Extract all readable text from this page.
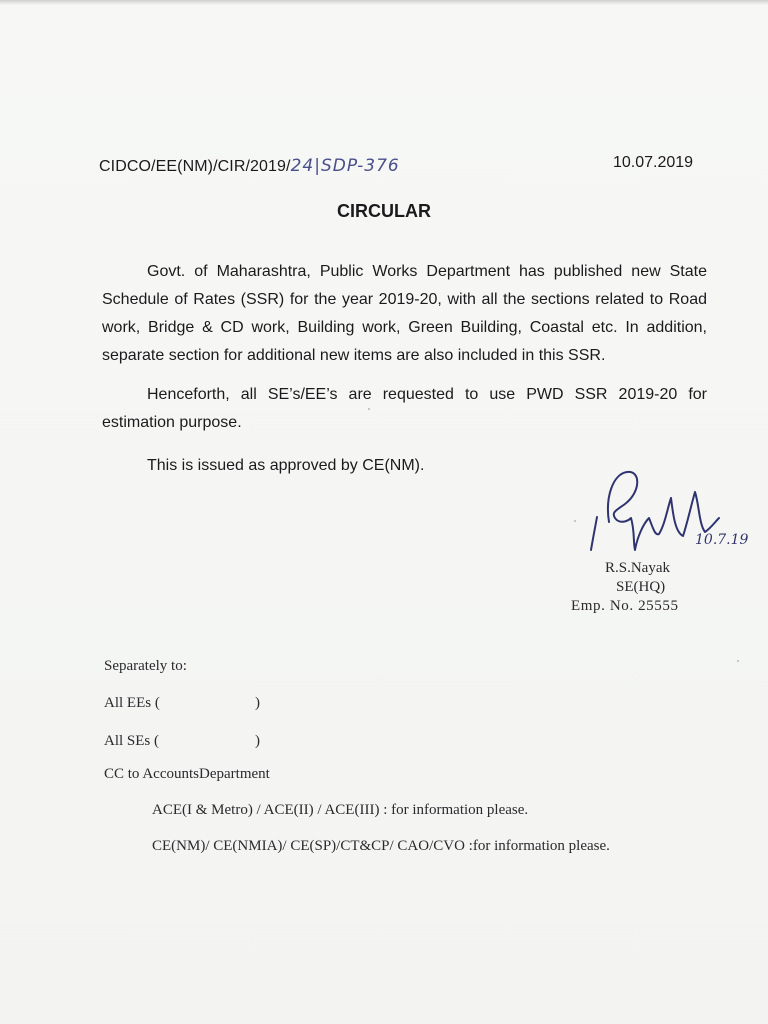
CIDCO/EE(NM)/CIR/2019/24|SDP-376	10.07.2019
CIRCULAR
Govt. of Maharashtra, Public Works Department has published new State Schedule of Rates (SSR) for the year 2019-20, with all the sections related to Road work, Bridge & CD work, Building work, Green Building, Coastal etc. In addition, separate section for additional new items are also included in this SSR.
Henceforth, all SE’s/EE’s are requested to use PWD SSR 2019-20 for estimation purpose.
This is issued as approved by CE(NM).
10.7.19
R.S.Nayak
SE(HQ)
Emp. No. 25555
Separately to:
All EEs (	)
All SEs (	)
CC to AccountsDepartment
ACE(I & Metro) / ACE(II) / ACE(III) : for information please.
CE(NM)/ CE(NMIA)/ CE(SP)/CT&CP/ CAO/CVO :for information please.
